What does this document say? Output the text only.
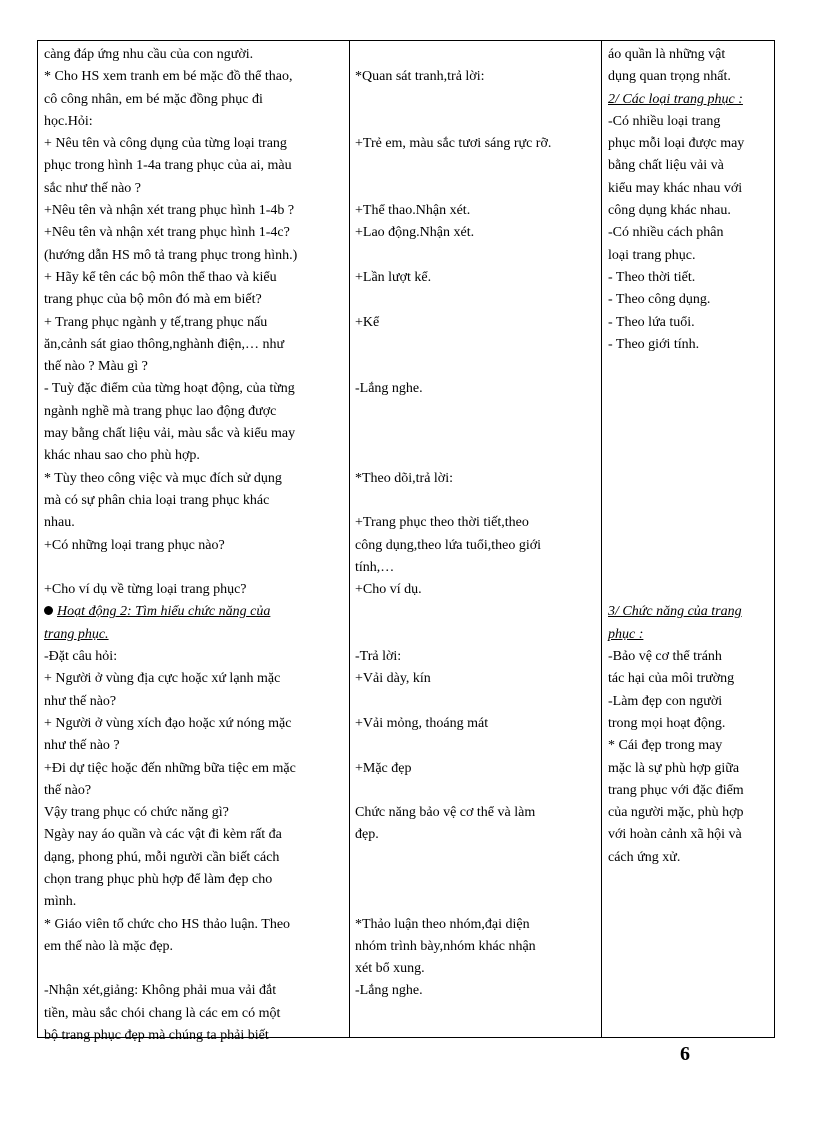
càng đáp ứng nhu cầu của con người.
* Cho HS xem tranh em bé mặc đồ thể thao,
cô công nhân, em bé mặc đồng phục đi
học.Hỏi:
+ Nêu tên và công dụng của từng loại trang
phục trong hình 1-4a trang phục của ai, màu
sắc như thế nào ?
+Nêu tên và nhận xét trang phục hình 1-4b ?
+Nêu tên và nhận xét trang phục hình 1-4c?
(hướng dẫn HS mô tả trang phục trong hình.)
+ Hãy kể tên các bộ môn thể thao và kiểu
trang phục của bộ môn đó mà em biết?
+ Trang phục ngành y tế,trang phục nấu
ăn,cảnh sát giao thông,nghành điện,… như
thế nào ? Màu gì ?
- Tuỳ đặc điểm của từng hoạt động, của từng
ngành nghề mà trang phục lao động được
may bằng chất liệu vải, màu sắc và kiểu may
khác nhau sao cho phù hợp.
* Tùy theo công việc và mục đích sử dụng
mà có sự phân chia loại trang phục khác
nhau.
+Có những loại trang phục nào?
+Cho ví dụ về từng loại trang phục?
Hoạt động 2: Tìm hiểu chức năng của
trang phục.
-Đặt câu hỏi:
+ Người ở vùng địa cực hoặc xứ lạnh mặc
như thế nào?
+ Người ở vùng xích đạo hoặc xứ nóng mặc
như thế nào ?
+Đi dự tiệc hoặc đến những bữa tiệc em mặc
thế nào?
Vậy trang phục có chức năng gì?
Ngày nay áo quần và các vật đi kèm rất đa
dạng, phong phú, mỗi người cần biết cách
chọn trang phục phù hợp để làm đẹp cho
mình.
* Giáo viên tổ chức cho HS thảo luận. Theo
em thế nào là mặc đẹp.
-Nhận xét,giảng: Không phải mua vải đắt
tiền, màu sắc chói chang là các em có một
bộ trang phục đẹp mà chúng ta phải biết
*Quan sát tranh,trả lời:
+Trẻ em, màu sắc tươi sáng rực rỡ.
+Thể thao.Nhận xét.
+Lao động.Nhận xét.
+Lần lượt kể.
+Kể
-Lắng nghe.
*Theo dõi,trả lời:
+Trang phục theo thời tiết,theo
công dụng,theo lứa tuổi,theo giới
tính,…
+Cho ví dụ.
-Trả lời:
+Vải dày, kín
+Vải mỏng, thoáng mát
+Mặc đẹp
Chức năng bảo vệ cơ thể và làm
đẹp.
*Thảo luận theo nhóm,đại diện
nhóm trình bày,nhóm khác nhận
xét bổ xung.
-Lắng nghe.
áo quần là những vật
dụng quan trọng nhất.
2/ Các loại trang phục :
-Có nhiều loại trang
phục mỗi loại được may
bằng chất liệu vải và
kiểu may khác nhau với
công dụng khác nhau.
-Có nhiều cách phân
loại trang phục.
- Theo thời tiết.
- Theo công dụng.
- Theo lứa tuổi.
- Theo giới tính.
3/ Chức năng của trang
phục :
-Bảo vệ cơ thể tránh
tác hại của môi trường
-Làm đẹp con người
trong mọi hoạt động.
* Cái đẹp trong may
mặc là sự phù hợp giữa
trang phục với đặc điểm
của người mặc, phù hợp
với hoàn cảnh xã hội và
cách ứng xử.
6
